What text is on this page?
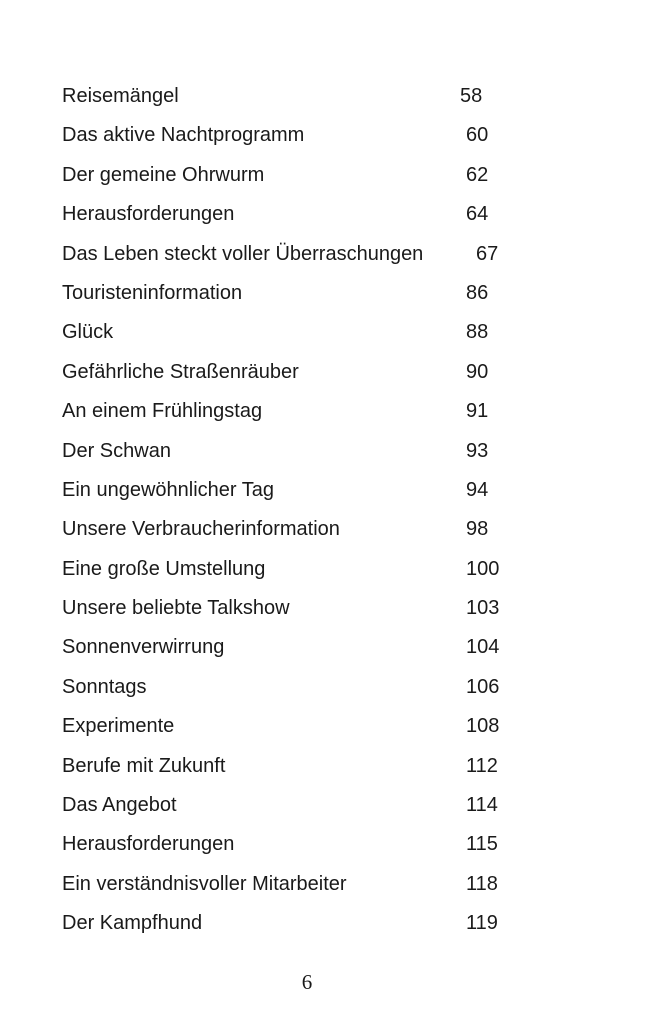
Reisemängel	58
Das aktive Nachtprogramm	60
Der gemeine Ohrwurm	62
Herausforderungen	64
Das Leben steckt voller Überraschungen	67
Touristeninformation	86
Glück	88
Gefährliche Straßenräuber	90
An einem Frühlingstag	91
Der Schwan	93
Ein ungewöhnlicher Tag	94
Unsere Verbraucherinformation	98
Eine große Umstellung	100
Unsere beliebte Talkshow	103
Sonnenverwirrung	104
Sonntags	106
Experimente	108
Berufe mit Zukunft	112
Das Angebot	114
Herausforderungen	115
Ein verständnisvoller Mitarbeiter	118
Der Kampfhund	119
6
